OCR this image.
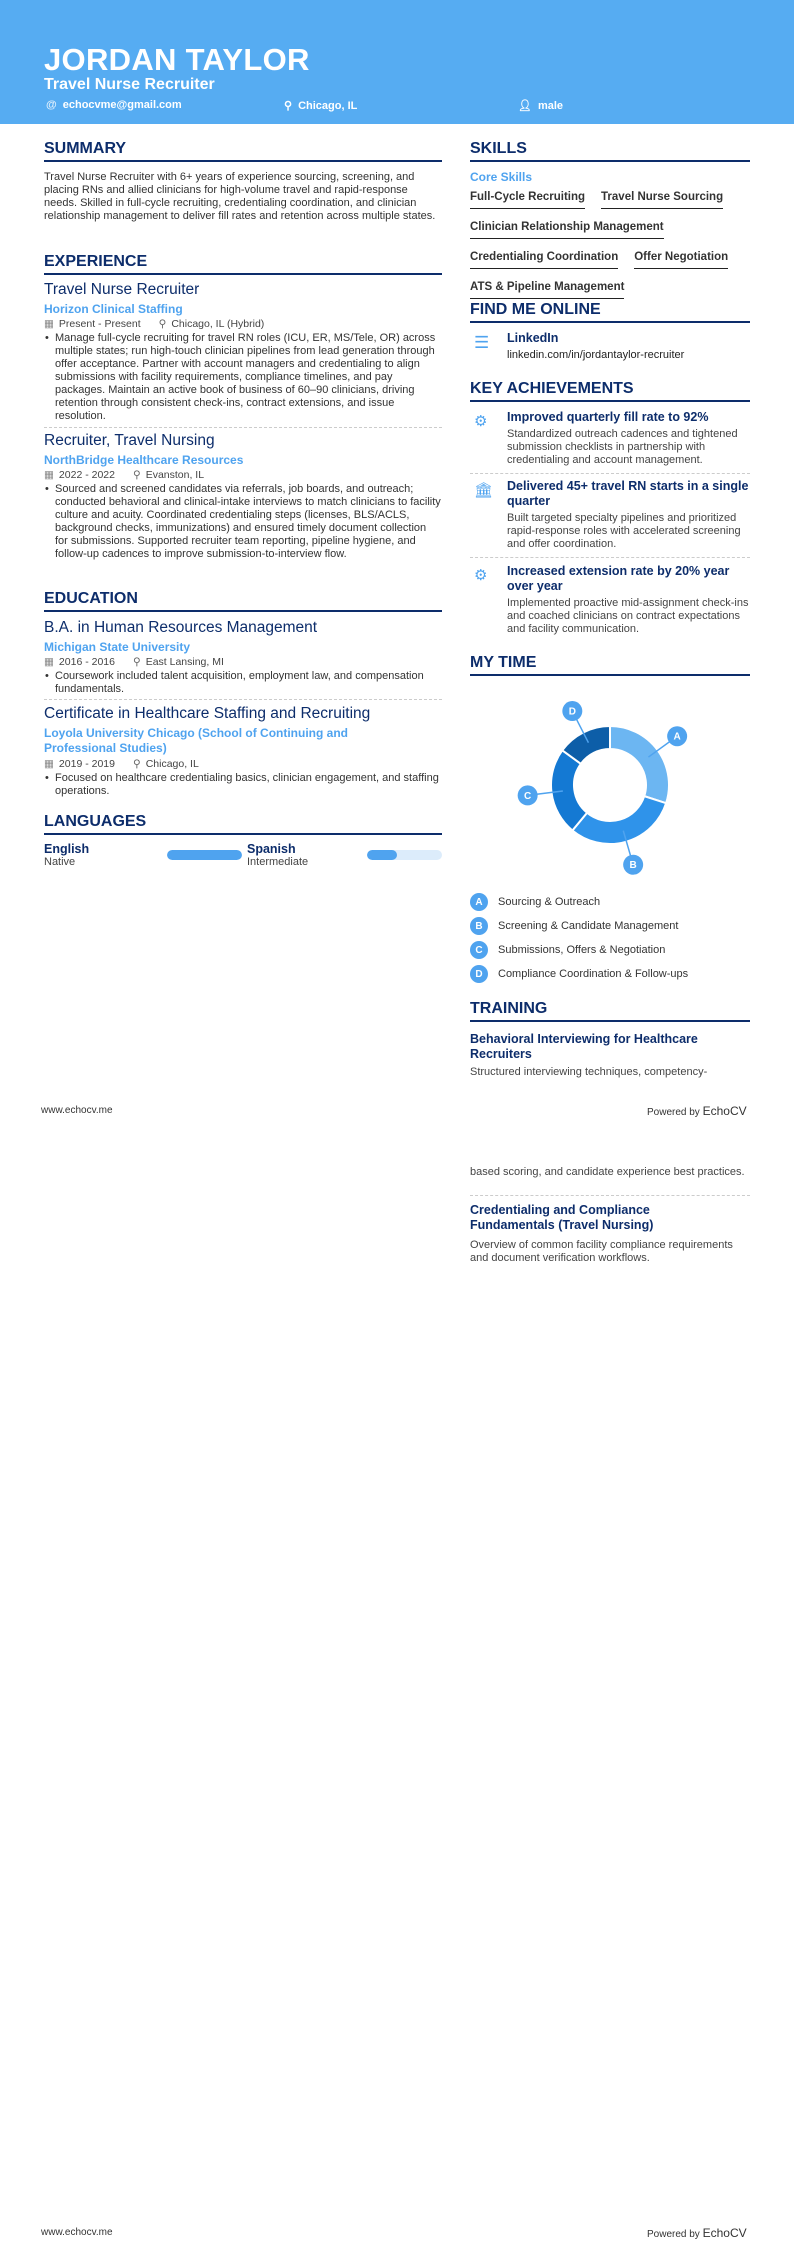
JORDAN TAYLOR
Travel Nurse Recruiter
@ echocvme@gmail.com	⚲ Chicago, IL	👤︎ male
SUMMARY
Travel Nurse Recruiter with 6+ years of experience sourcing, screening, and placing RNs and allied clinicians for high-volume travel and rapid-response needs. Skilled in full-cycle recruiting, credentialing coordination, and clinician relationship management to deliver fill rates and retention across multiple states.
EXPERIENCE
Travel Nurse Recruiter
Horizon Clinical Staffing
▦ Present - Present ⚲ Chicago, IL (Hybrid)
• Manage full-cycle recruiting for travel RN roles (ICU, ER, MS/Tele, OR) across multiple states; run high-touch clinician pipelines from lead generation through offer acceptance. Partner with account managers and credentialing to align submissions with facility requirements, compliance timelines, and pay packages. Maintain an active book of business of 60–90 clinicians, driving retention through consistent check-ins, contract extensions, and issue resolution.
Recruiter, Travel Nursing
NorthBridge Healthcare Resources
▦ 2022 - 2022 ⚲ Evanston, IL
• Sourced and screened candidates via referrals, job boards, and outreach; conducted behavioral and clinical-intake interviews to match clinicians to facility culture and acuity. Coordinated credentialing steps (licenses, BLS/ACLS, background checks, immunizations) and ensured timely document collection for submissions. Supported recruiter team reporting, pipeline hygiene, and follow-up cadences to improve submission-to-interview flow.
EDUCATION
B.A. in Human Resources Management
Michigan State University
▦ 2016 - 2016 ⚲ East Lansing, MI
• Coursework included talent acquisition, employment law, and compensation fundamentals.
Certificate in Healthcare Staffing and Recruiting
Loyola University Chicago (School of Continuing and Professional Studies)
▦ 2019 - 2019 ⚲ Chicago, IL
• Focused on healthcare credentialing basics, clinician engagement, and staffing operations.
LANGUAGES
English
Native
Spanish
Intermediate
SKILLS
Core Skills
Full-Cycle Recruiting Travel Nurse Sourcing
Clinician Relationship Management
Credentialing Coordination Offer Negotiation
ATS & Pipeline Management
FIND ME ONLINE
☰ LinkedIn
linkedin.com/in/jordantaylor-recruiter
KEY ACHIEVEMENTS
⚙ Improved quarterly fill rate to 92%
Standardized outreach cadences and tightened submission checklists in partnership with credentialing and account management.
🏛︎ Delivered 45+ travel RN starts in a single quarter
Built targeted specialty pipelines and prioritized rapid-response roles with accelerated screening and offer coordination.
⚙ Increased extension rate by 20% year over year
Implemented proactive mid-assignment check-ins and coached clinicians on contract expectations and facility communication.
MY TIME
A
B
C
D
A	Sourcing & Outreach
B	Screening & Candidate Management
C	Submissions, Offers & Negotiation
D	Compliance Coordination & Follow-ups
TRAINING
Behavioral Interviewing for Healthcare Recruiters
Structured interviewing techniques, competency-
www.echocv.me	Powered by EchoCV
based scoring, and candidate experience best practices.
Credentialing and Compliance Fundamentals (Travel Nursing)
Overview of common facility compliance requirements and document verification workflows.
www.echocv.me	Powered by EchoCV
